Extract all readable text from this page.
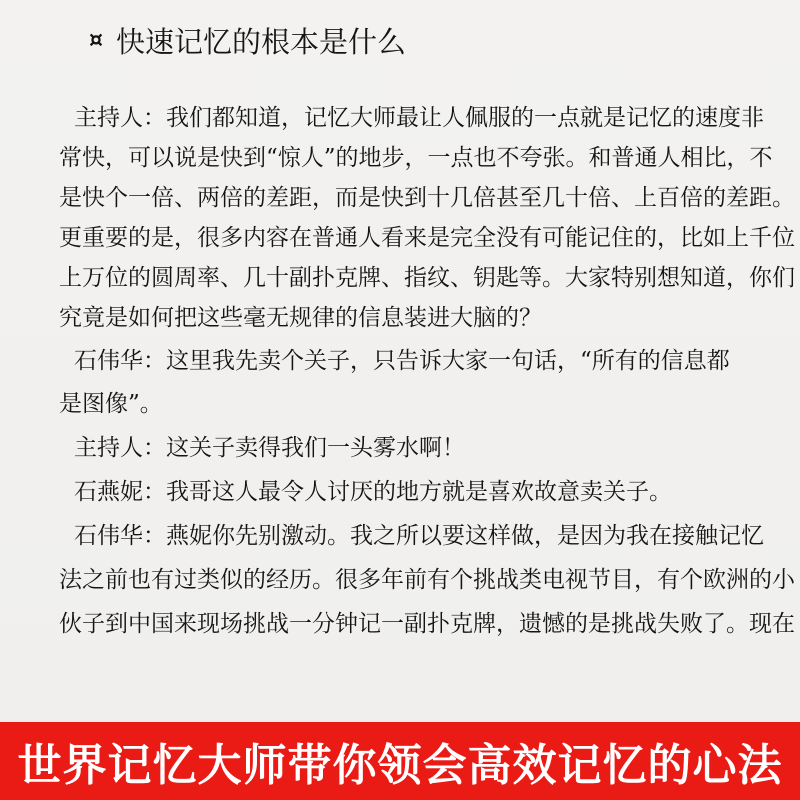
¤ 快速记忆的根本是什么
主持人：我们都知道，记忆大师最让人佩服的一点就是记忆的速度非
常快，可以说是快到“惊人”的地步，一点也不夸张。和普通人相比，不
是快个一倍、两倍的差距，而是快到十几倍甚至几十倍、上百倍的差距。
更重要的是，很多内容在普通人看来是完全没有可能记住的，比如上千位
上万位的圆周率、几十副扑克牌、指纹、钥匙等。大家特别想知道，你们
究竟是如何把这些毫无规律的信息装进大脑的？
石伟华：这里我先卖个关子，只告诉大家一句话，“所有的信息都
是图像”。
主持人：这关子卖得我们一头雾水啊！
石燕妮：我哥这人最令人讨厌的地方就是喜欢故意卖关子。
石伟华：燕妮你先别激动。我之所以要这样做，是因为我在接触记忆
法之前也有过类似的经历。很多年前有个挑战类电视节目，有个欧洲的小
伙子到中国来现场挑战一分钟记一副扑克牌，遗憾的是挑战失败了。现在
世界记忆大师带你领会高效记忆的心法
